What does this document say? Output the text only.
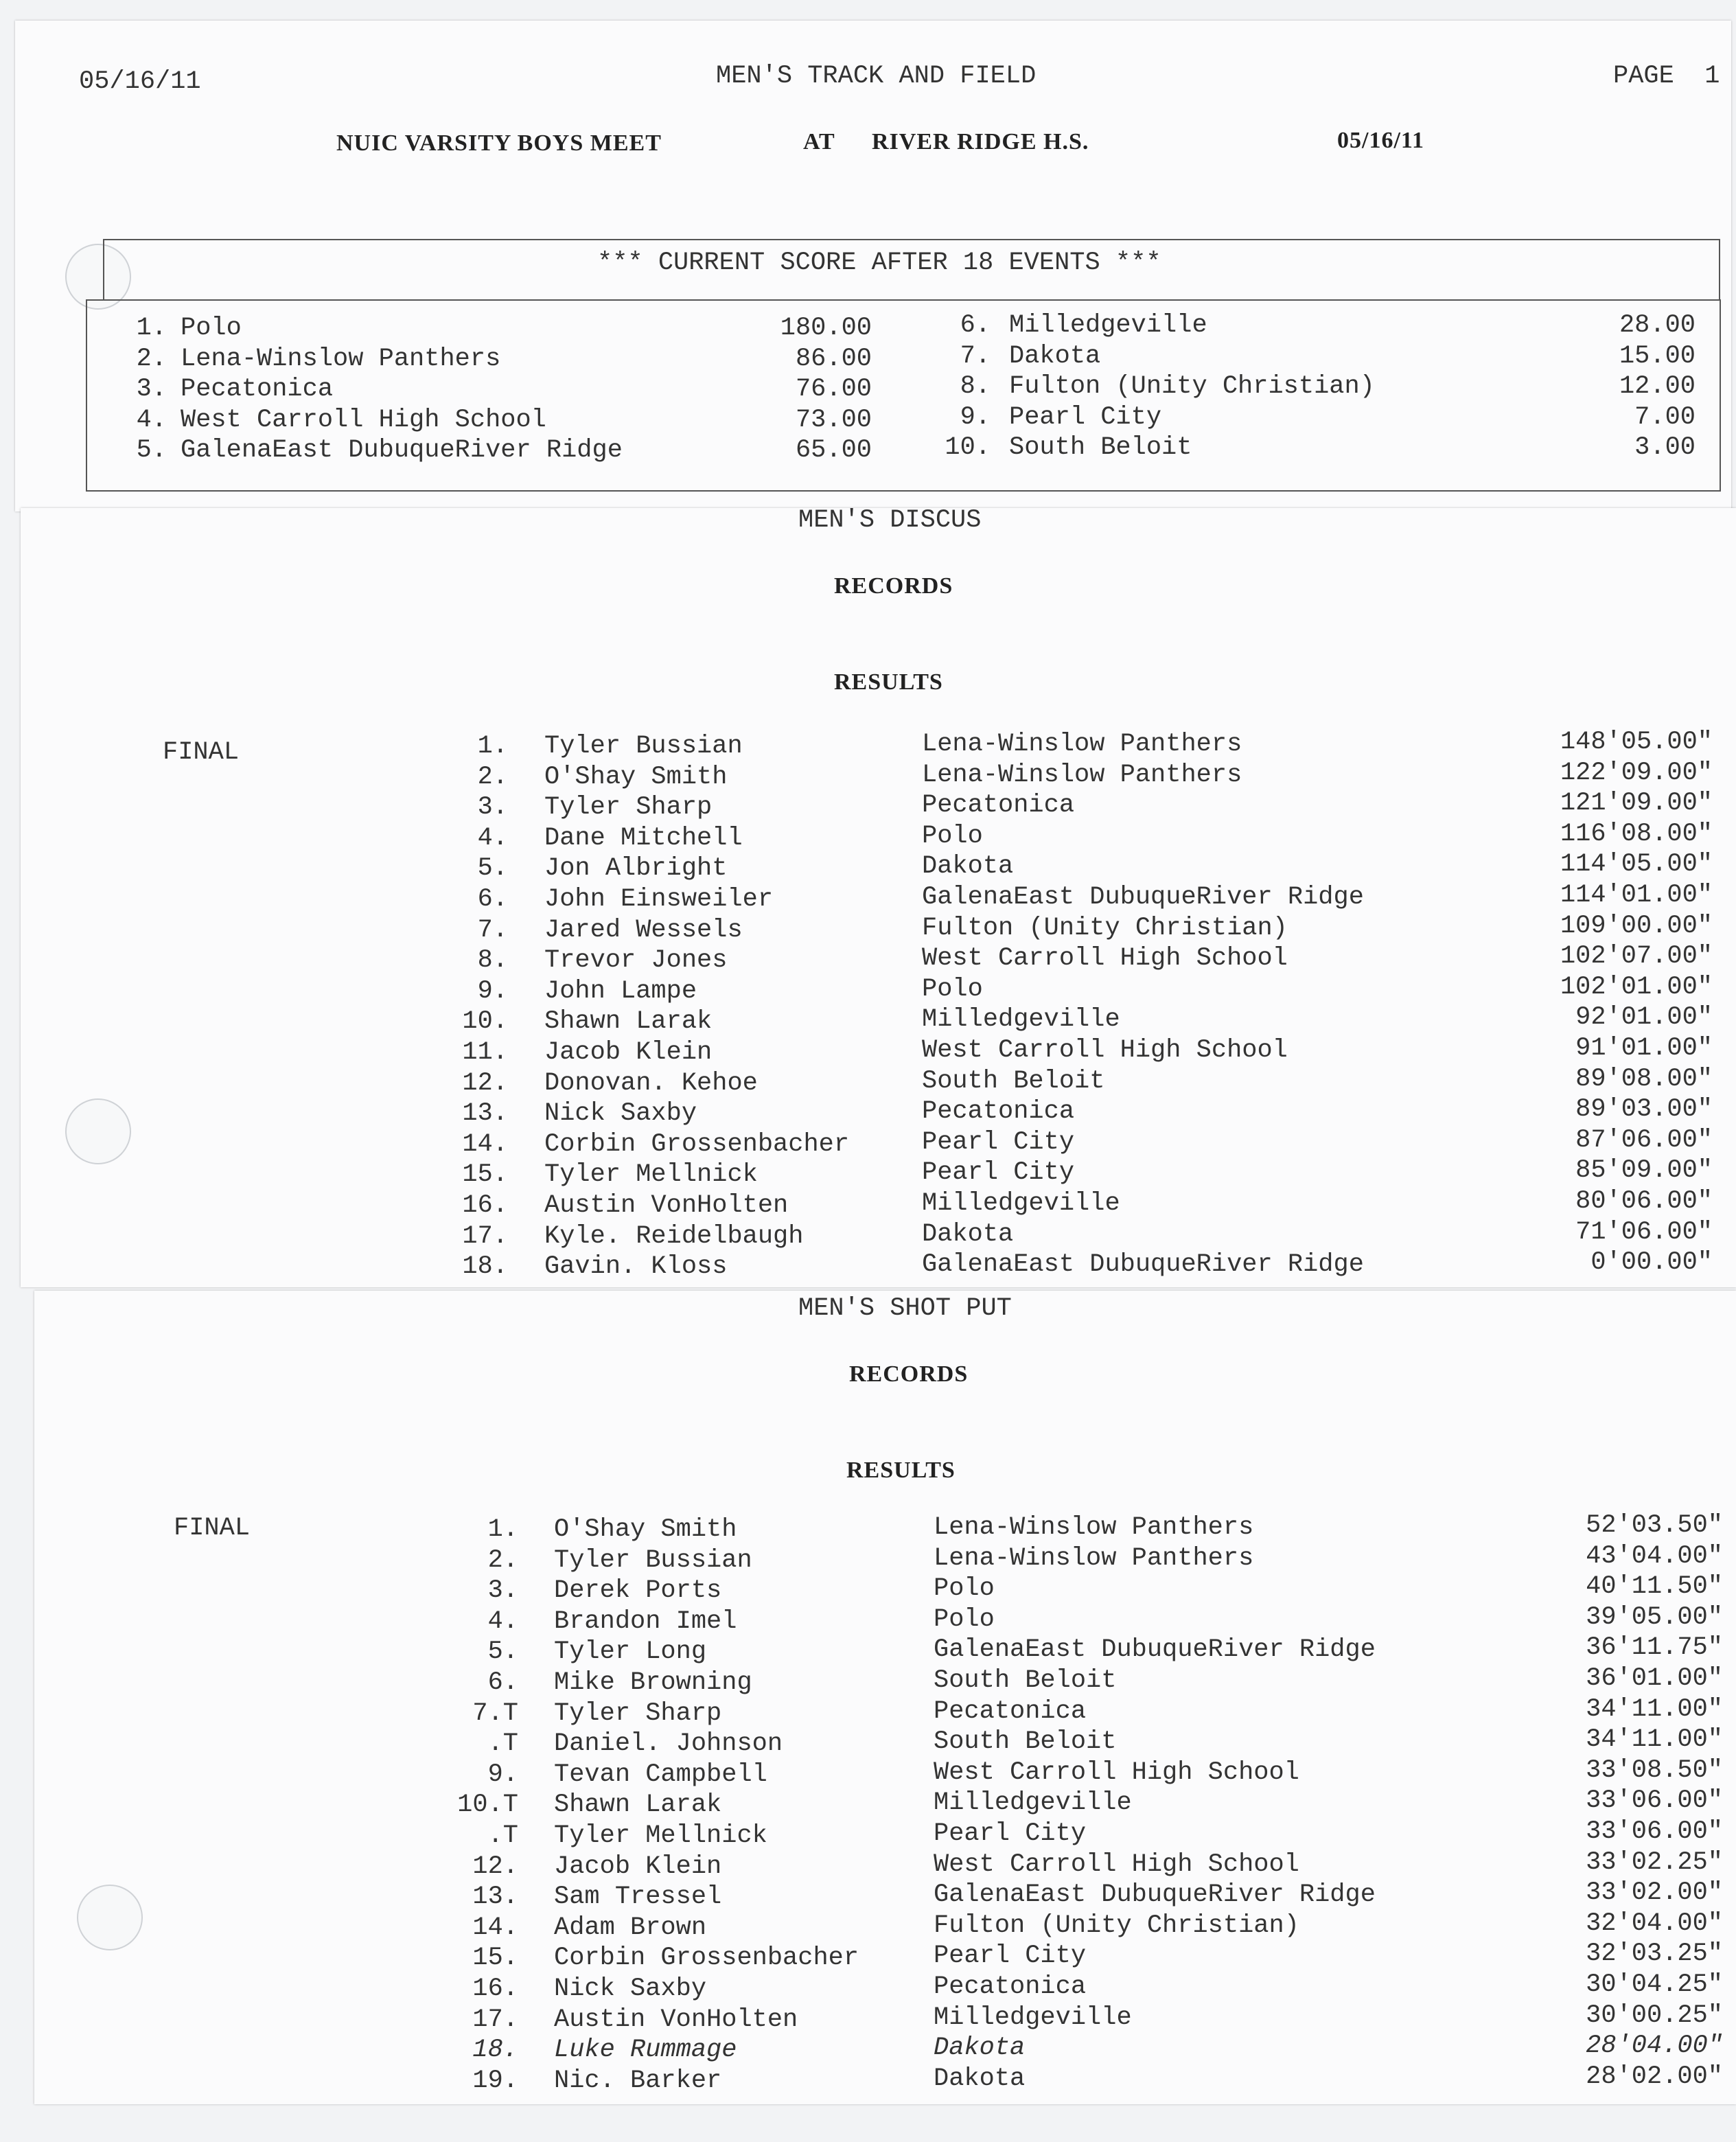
05/16/11	MEN'S TRACK AND FIELD	PAGE  1
NUIC VARSITY BOYS MEET	AT RIVER RIDGE H.S.	05/16/11
*** CURRENT SCORE AFTER 18 EVENTS ***
1. Polo	180.00
2. Lena-Winslow Panthers	86.00
3. Pecatonica	76.00
4. West Carroll High School	73.00
5. GalenaEast DubuqueRiver Ridge	65.00
6. Milledgeville	28.00
7. Dakota	15.00
8. Fulton (Unity Christian)	12.00
9. Pearl City	7.00
10. South Beloit	3.00
MEN'S DISCUS
RECORDS
RESULTS
FINAL	1. Tyler Bussian	Lena-Winslow Panthers	148'05.00"
2. O'Shay Smith	Lena-Winslow Panthers	122'09.00"
3. Tyler Sharp	Pecatonica	121'09.00"
4. Dane Mitchell	Polo	116'08.00"
5. Jon Albright	Dakota	114'05.00"
6. John Einsweiler	GalenaEast DubuqueRiver Ridge	114'01.00"
7. Jared Wessels	Fulton (Unity Christian)	109'00.00"
8. Trevor Jones	West Carroll High School	102'07.00"
9. John Lampe	Polo	102'01.00"
10. Shawn Larak	Milledgeville	92'01.00"
11. Jacob Klein	West Carroll High School	91'01.00"
12. Donovan. Kehoe	South Beloit	89'08.00"
13. Nick Saxby	Pecatonica	89'03.00"
14. Corbin Grossenbacher	Pearl City	87'06.00"
15. Tyler Mellnick	Pearl City	85'09.00"
16. Austin VonHolten	Milledgeville	80'06.00"
17. Kyle. Reidelbaugh	Dakota	71'06.00"
18. Gavin. Kloss	GalenaEast DubuqueRiver Ridge	0'00.00"
MEN'S SHOT PUT
RECORDS
RESULTS
FINAL	1. O'Shay Smith	Lena-Winslow Panthers	52'03.50"
2. Tyler Bussian	Lena-Winslow Panthers	43'04.00"
3. Derek Ports	Polo	40'11.50"
4. Brandon Imel	Polo	39'05.00"
5. Tyler Long	GalenaEast DubuqueRiver Ridge	36'11.75"
6. Mike Browning	South Beloit	36'01.00"
7.T Tyler Sharp	Pecatonica	34'11.00"
.T Daniel. Johnson	South Beloit	34'11.00"
9. Tevan Campbell	West Carroll High School	33'08.50"
10.T Shawn Larak	Milledgeville	33'06.00"
.T Tyler Mellnick	Pearl City	33'06.00"
12. Jacob Klein	West Carroll High School	33'02.25"
13. Sam Tressel	GalenaEast DubuqueRiver Ridge	33'02.00"
14. Adam Brown	Fulton (Unity Christian)	32'04.00"
15. Corbin Grossenbacher	Pearl City	32'03.25"
16. Nick Saxby	Pecatonica	30'04.25"
17. Austin VonHolten	Milledgeville	30'00.25"
18. Luke Rummage	Dakota	28'04.00"
19. Nic. Barker	Dakota	28'02.00"
